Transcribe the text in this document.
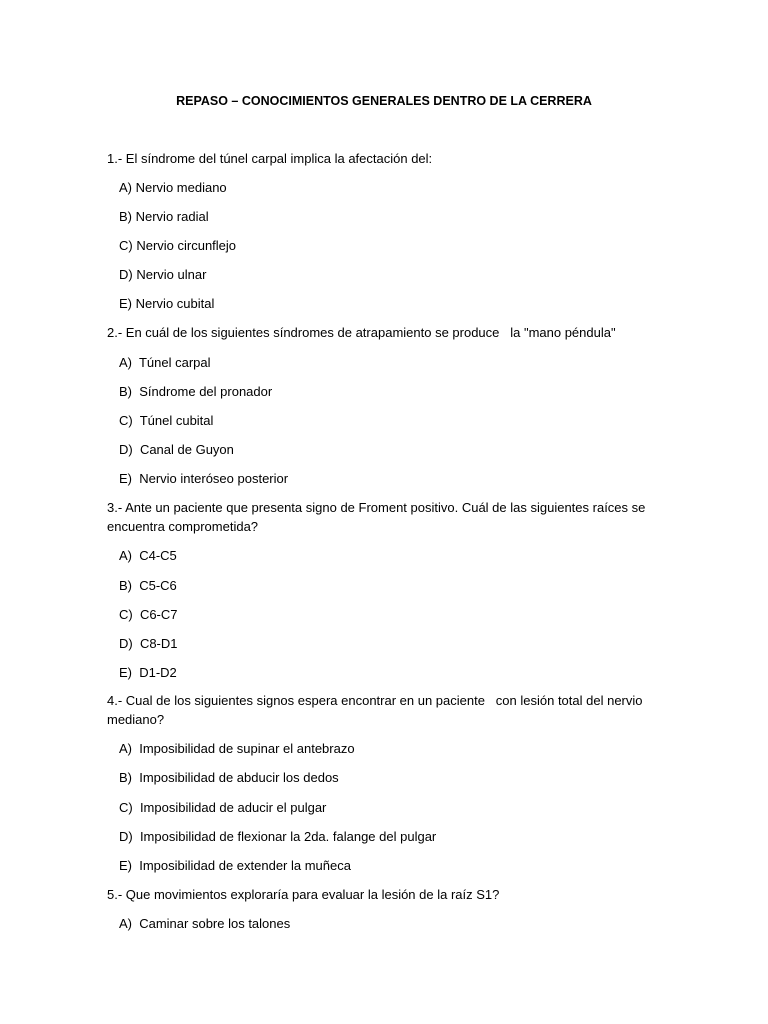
REPASO – CONOCIMIENTOS GENERALES DENTRO DE LA CERRERA
1.- El síndrome del túnel carpal implica la afectación del:
A) Nervio mediano
B) Nervio radial
C) Nervio circunflejo
D) Nervio ulnar
E) Nervio cubital
2.- En cuál de los siguientes síndromes de atrapamiento se produce   la "mano péndula"
A)  Túnel carpal
B)  Síndrome del pronador
C)  Túnel cubital
D)  Canal de Guyon
E)  Nervio interóseo posterior
3.- Ante un paciente que presenta signo de Froment positivo. Cuál de las siguientes raíces se
encuentra comprometida?
A)  C4-C5
B)  C5-C6
C)  C6-C7
D)  C8-D1
E)  D1-D2
4.- Cual de los siguientes signos espera encontrar en un paciente   con lesión total del nervio
mediano?
A)  Imposibilidad de supinar el antebrazo
B)  Imposibilidad de abducir los dedos
C)  Imposibilidad de aducir el pulgar
D)  Imposibilidad de flexionar la 2da. falange del pulgar
E)  Imposibilidad de extender la muñeca
5.- Que movimientos exploraría para evaluar la lesión de la raíz S1?
A)  Caminar sobre los talones
